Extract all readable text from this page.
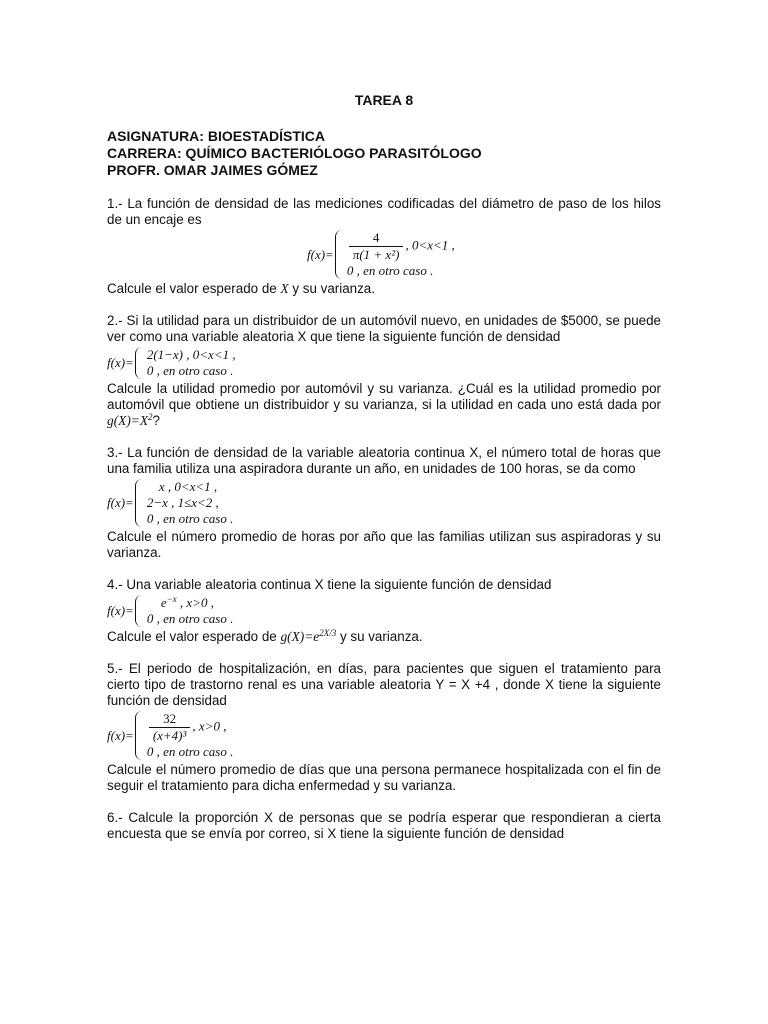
TAREA 8
ASIGNATURA: BIOESTADÍSTICA
CARRERA: QUÍMICO BACTERIÓLOGO PARASITÓLOGO
PROFR. OMAR JAIMES GÓMEZ

1.- La función de densidad de las mediciones codificadas del diámetro de paso de los hilos de un encaje es

$f(x)= \frac{4}{\text{π(1 + x²)}}$ , 0<x<1 ,
0 , en otro caso .

Calcule el valor esperado de X y su varianza.

2.- Si la utilidad para un distribuidor de un automóvil nuevo, en unidades de $5000, se puede ver como una variable aleatoria X que tiene la siguiente función de densidad

f(x)=
2(1−x) , 0<x<1 ,
0 , en otro caso .

Calcule la utilidad promedio por automóvil y su varianza. ¿Cuál es la utilidad promedio por automóvil que obtiene un distribuidor y su varianza, si la utilidad en cada uno está dada por $g(X)=X^2$?

3.- La función de densidad de la variable aleatoria continua X, el número total de horas que una familia utiliza una aspiradora durante un año, en unidades de 100 horas, se da como

f(x)=
x , 0<x<1 ,
2−x , 1≤x<2 ,
0 , en otro caso .

Calcule el número promedio de horas por año que las familias utilizan sus aspiradoras y su varianza.

4.- Una variable aleatoria continua X tiene la siguiente función de densidad

f(x)=
$e^{-x}$ , x>0 ,
0 , en otro caso .

Calcule el valor esperado de $g(X)=e^{2X/3}$ y su varianza.

5.- El periodo de hospitalización, en días, para pacientes que siguen el tratamiento para cierto tipo de trastorno renal es una variable aleatoria Y = X +4 , donde X tiene la siguiente función de densidad

$f(x)= \frac{32}{\text{(x+4)³}}$ , x>0 ,
0 , en otro caso .

Calcule el número promedio de días que una persona permanece hospitalizada con el fin de seguir el tratamiento para dicha enfermedad y su varianza.

6.- Calcule la proporción X de personas que se podría esperar que respondieran a cierta encuesta que se envía por correo, si X tiene la siguiente función de densidad
